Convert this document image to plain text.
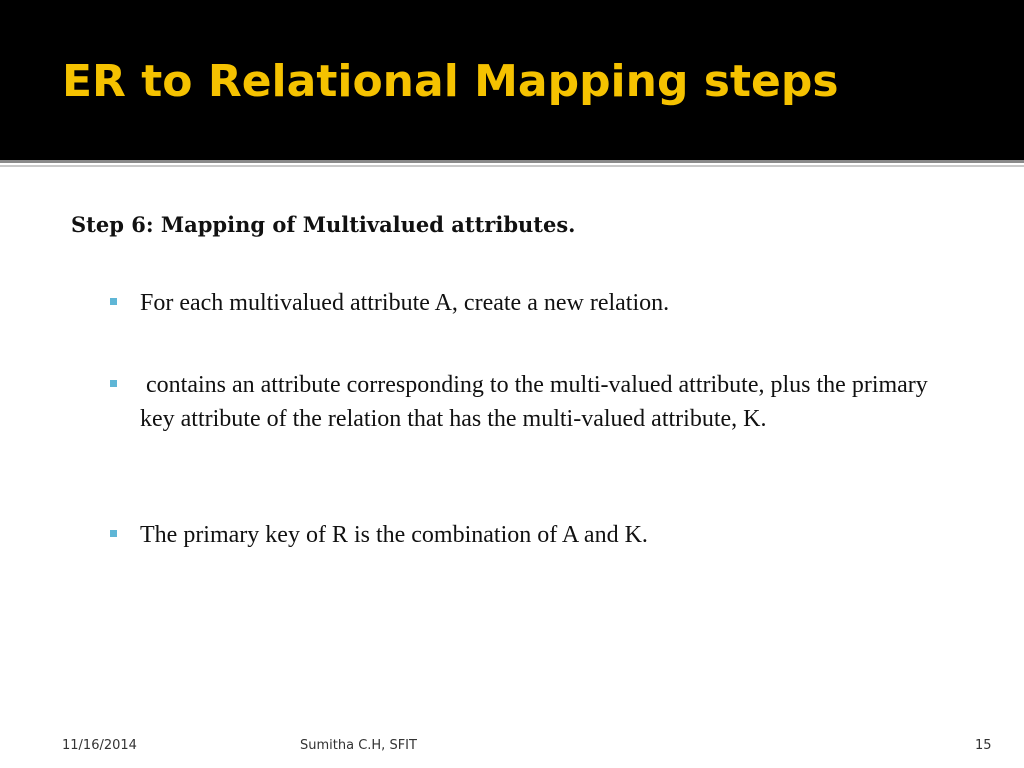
ER to Relational Mapping steps

Step 6: Mapping of Multivalued attributes.

For each multivalued attribute A, create a new relation.
contains an attribute corresponding to the multi-valued attribute, plus the primary key attribute of the relation that has the multi-valued attribute, K.
The primary key of R is the combination of A and K.
11/16/2014	Sumitha C.H, SFIT	15
